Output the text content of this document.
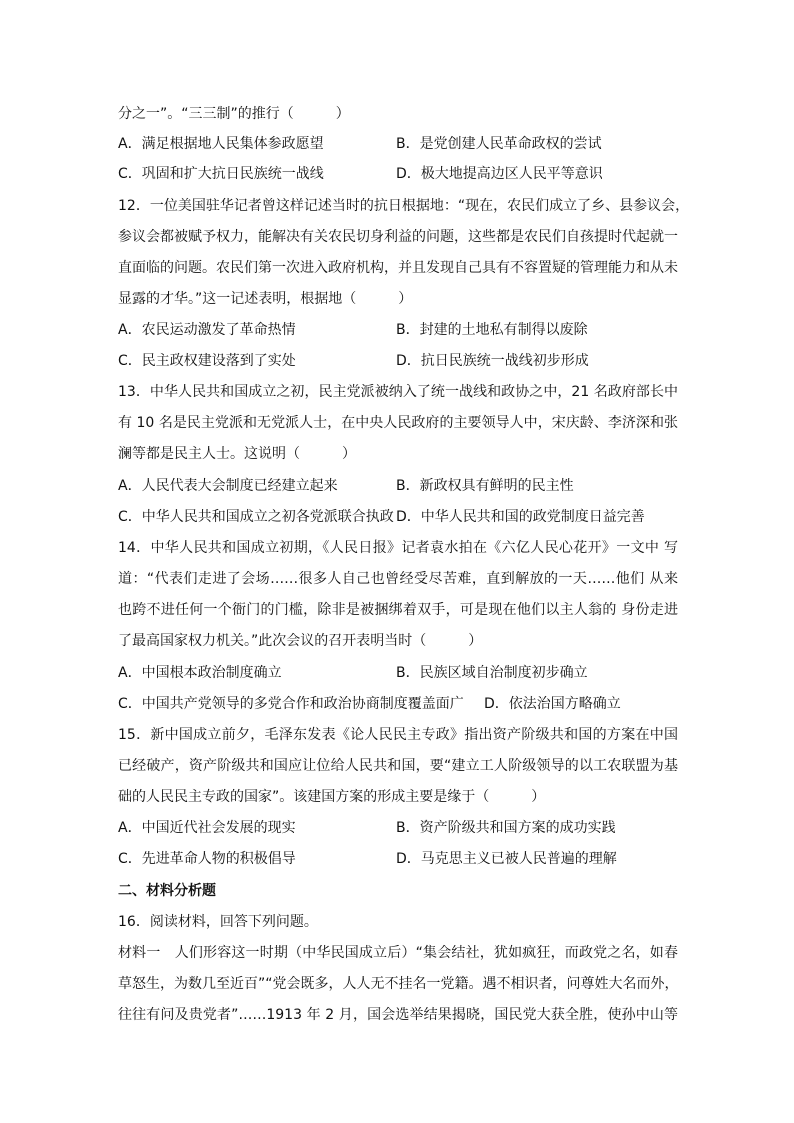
分之一”。“三三制”的推行（　　　）
A．满足根据地人民集体参政愿望	B．是党创建人民革命政权的尝试
C．巩固和扩大抗日民族统一战线	D．极大地提高边区人民平等意识
12．一位美国驻华记者曾这样记述当时的抗日根据地：“现在，农民们成立了乡、县参议会，
参议会都被赋予权力，能解决有关农民切身利益的问题，这些都是农民们自孩提时代起就一
直面临的问题。农民们第一次进入政府机构，并且发现自己具有不容置疑的管理能力和从未
显露的才华。”这一记述表明，根据地（　　　）
A．农民运动激发了革命热情	B．封建的土地私有制得以废除
C．民主政权建设落到了实处	D．抗日民族统一战线初步形成
13．中华人民共和国成立之初，民主党派被纳入了统一战线和政协之中，21 名政府部长中
有 10 名是民主党派和无党派人士，在中央人民政府的主要领导人中，宋庆龄、李济深和张
澜等都是民主人士。这说明（　　　）
A．人民代表大会制度已经建立起来	B．新政权具有鲜明的民主性
C．中华人民共和国成立之初各党派联合执政 D．中华人民共和国的政党制度日益完善
14．中华人民共和国成立初期，《人民日报》记者袁水拍在《六亿人民心花开》一文中 写
道：“代表们走进了会场……很多人自己也曾经受尽苦难，直到解放的一天……他们 从来
也跨不进任何一个衙门的门槛，除非是被捆绑着双手，可是现在他们以主人翁的 身份走进
了最高国家权力机关。”此次会议的召开表明当时（　　　）
A．中国根本政治制度确立	B．民族区域自治制度初步确立
C．中国共产党领导的多党合作和政治协商制度覆盖面广 D．依法治国方略确立
15．新中国成立前夕，毛泽东发表《论人民民主专政》指出资产阶级共和国的方案在中国
已经破产，资产阶级共和国应让位给人民共和国，要“建立工人阶级领导的以工农联盟为基
础的人民民主专政的国家”。该建国方案的形成主要是缘于（　　　）
A．中国近代社会发展的现实	B．资产阶级共和国方案的成功实践
C．先进革命人物的积极倡导	D．马克思主义已被人民普遍的理解
二、材料分析题
16．阅读材料，回答下列问题。
材料一　人们形容这一时期（中华民国成立后）“集会结社，犹如疯狂，而政党之名，如春
草怒生，为数几至近百”“党会既多，人人无不挂名一党籍。遇不相识者，问尊姓大名而外，
往往有问及贵党者”……1913 年 2 月，国会选举结果揭晓，国民党大获全胜，使孙中山等
